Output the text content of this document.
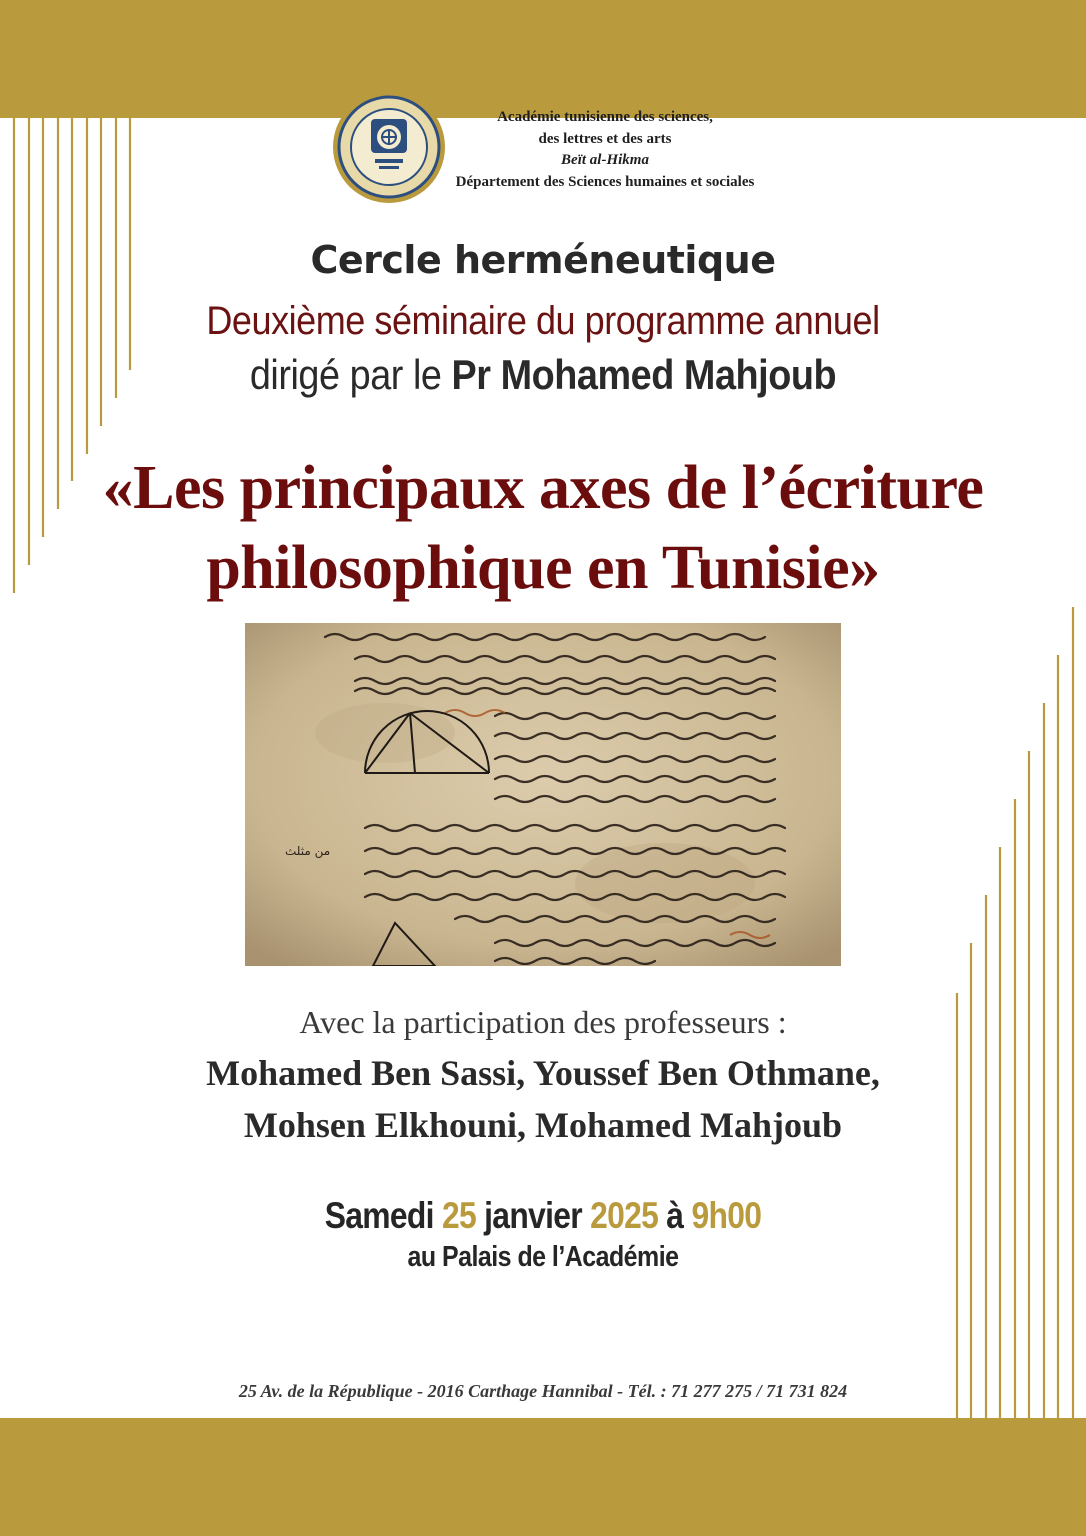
Académie tunisienne des sciences,
des lettres et des arts
Beït al-Hikma
Département des Sciences humaines et sociales
Cercle herméneutique
Deuxième séminaire du programme annuel
dirigé par le Pr Mohamed Mahjoub
«Les principaux axes de l’écriture
philosophique en Tunisie»
من مثلث
Avec la participation des professeurs :
Mohamed Ben Sassi, Youssef Ben Othmane,
Mohsen Elkhouni, Mohamed Mahjoub
Samedi 25 janvier 2025 à 9h00
au Palais de l’Académie
25 Av. de la République - 2016 Carthage Hannibal - Tél. : 71 277 275 / 71 731 824
